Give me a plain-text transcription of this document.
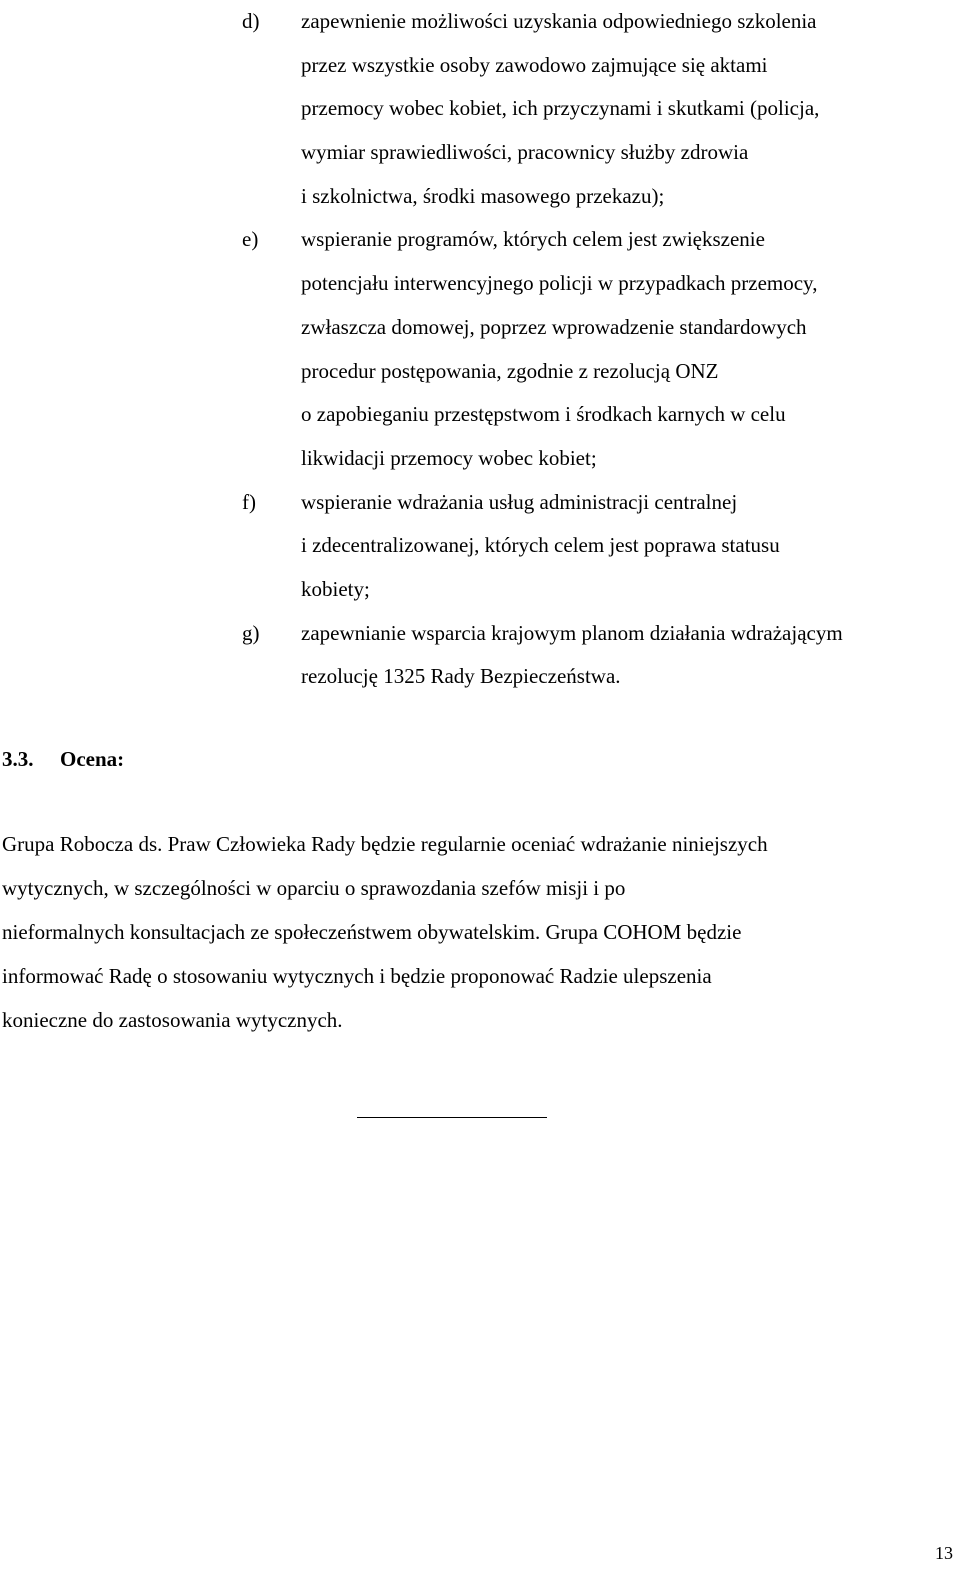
d)	zapewnienie możliwości uzyskania odpowiedniego szkolenia
przez wszystkie osoby zawodowo zajmujące się aktami
przemocy wobec kobiet, ich przyczynami i skutkami (policja,
wymiar sprawiedliwości, pracownicy służby zdrowia
i szkolnictwa, środki masowego przekazu);
e)	wspieranie programów, których celem jest zwiększenie
potencjału interwencyjnego policji w przypadkach przemocy,
zwłaszcza domowej, poprzez wprowadzenie standardowych
procedur postępowania, zgodnie z rezolucją ONZ
o zapobieganiu przestępstwom i środkach karnych w celu
likwidacji przemocy wobec kobiet;
f)	wspieranie wdrażania usług administracji centralnej
i zdecentralizowanej, których celem jest poprawa statusu
kobiety;
g)	zapewnianie wsparcia krajowym planom działania wdrażającym
rezolucję 1325 Rady Bezpieczeństwa.
3.3. Ocena:
Grupa Robocza ds. Praw Człowieka Rady będzie regularnie oceniać wdrażanie niniejszych
wytycznych, w szczególności w oparciu o sprawozdania szefów misji i po
nieformalnych konsultacjach ze społeczeństwem obywatelskim. Grupa COHOM będzie
informować Radę o stosowaniu wytycznych i będzie proponować Radzie ulepszenia
konieczne do zastosowania wytycznych.
13
